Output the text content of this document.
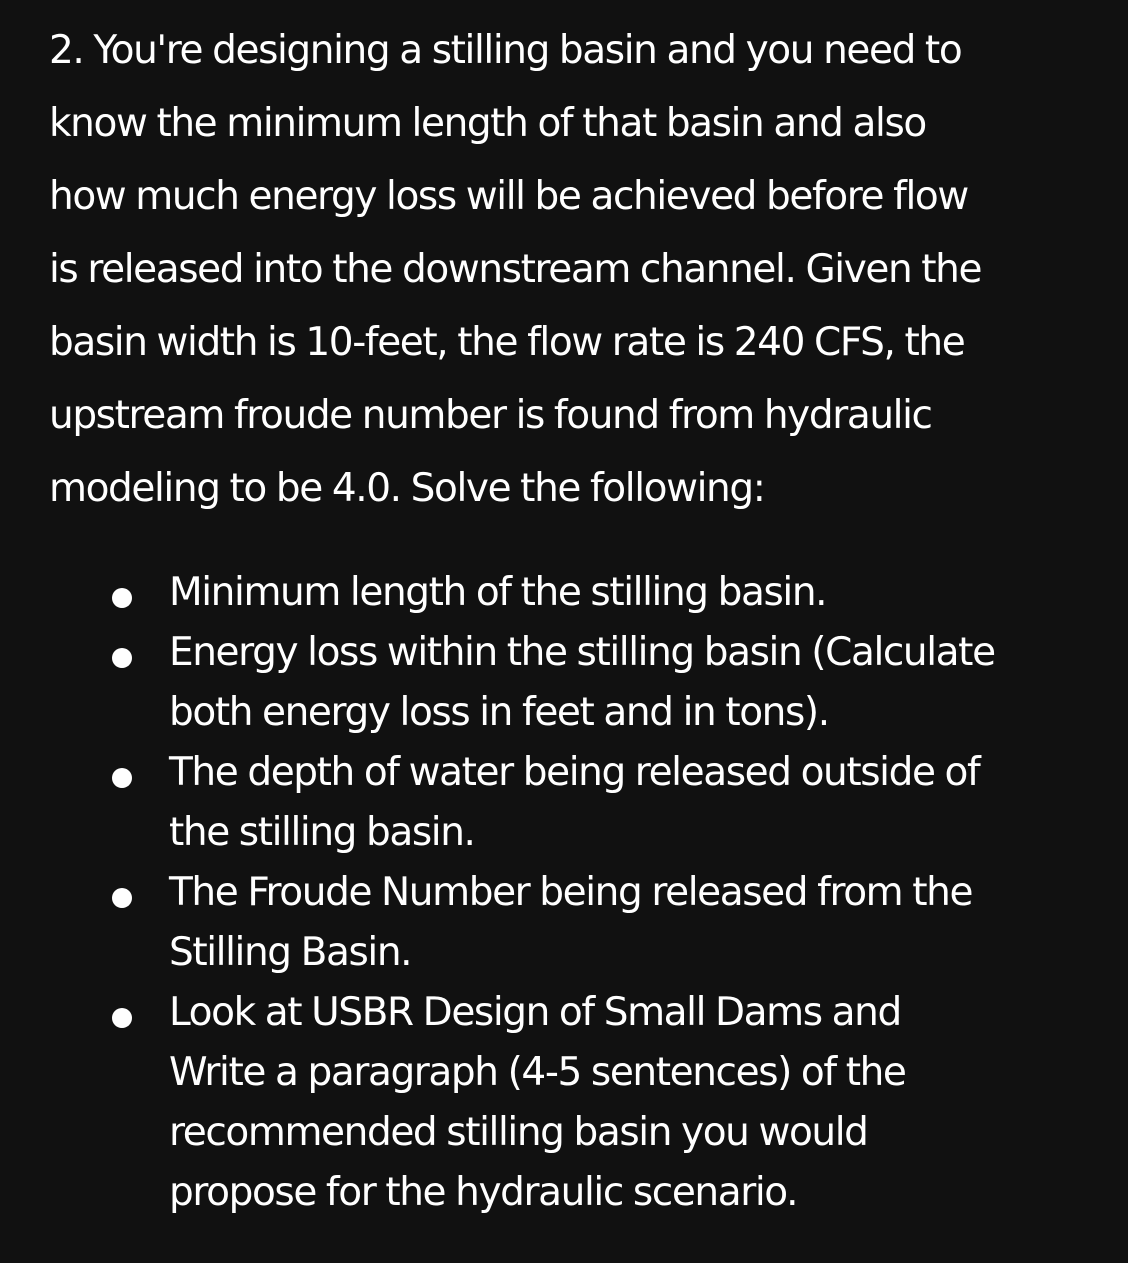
2. You're designing a stilling basin and you need to
know the minimum length of that basin and also
how much energy loss will be achieved before flow
is released into the downstream channel. Given the
basin width is 10-feet, the flow rate is 240 CFS, the
upstream froude number is found from hydraulic
modeling to be 4.0. Solve the following:

Minimum length of the stilling basin.
Energy loss within the stilling basin (Calculate
both energy loss in feet and in tons).
The depth of water being released outside of
the stilling basin.
The Froude Number being released from the
Stilling Basin.
Look at USBR Design of Small Dams and
Write a paragraph (4-5 sentences) of the
recommended stilling basin you would
propose for the hydraulic scenario.
